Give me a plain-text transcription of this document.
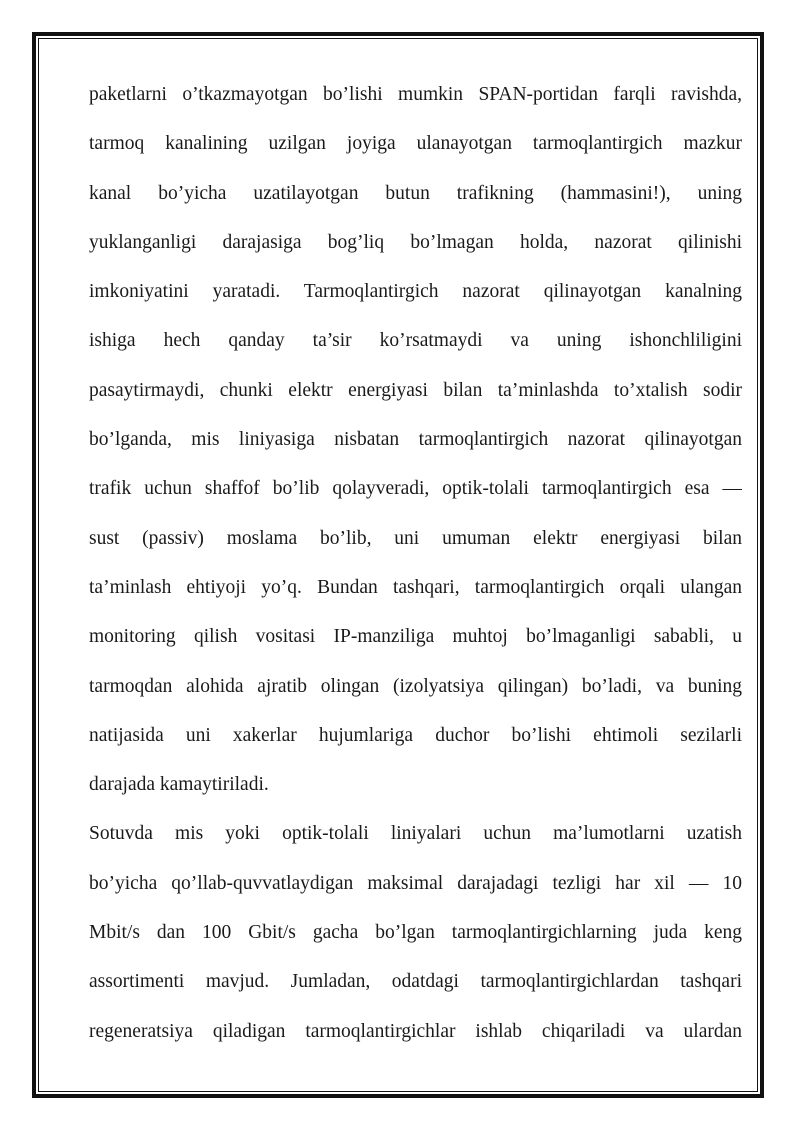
paketlarni o’tkazmayotgan bo’lishi mumkin SPAN-portidan farqli ravishda,
tarmoq kanalining uzilgan joyiga ulanayotgan tarmoqlantirgich mazkur
kanal bo’yicha uzatilayotgan butun trafikning (hammasini!), uning
yuklanganligi darajasiga bog’liq bo’lmagan holda, nazorat qilinishi
imkoniyatini yaratadi. Tarmoqlantirgich nazorat qilinayotgan kanalning
ishiga hech qanday ta’sir ko’rsatmaydi va uning ishonchliligini
pasaytirmaydi, chunki elektr energiyasi bilan ta’minlashda to’xtalish sodir
bo’lganda, mis liniyasiga nisbatan tarmoqlantirgich nazorat qilinayotgan
trafik uchun shaffof bo’lib qolayveradi, optik-tolali tarmoqlantirgich esa —
sust (passiv) moslama bo’lib, uni umuman elektr energiyasi bilan
ta’minlash ehtiyoji yo’q. Bundan tashqari, tarmoqlantirgich orqali ulangan
monitoring qilish vositasi IP-manziliga muhtoj bo’lmaganligi sababli, u
tarmoqdan alohida ajratib olingan (izolyatsiya qilingan) bo’ladi, va buning
natijasida uni xakerlar hujumlariga duchor bo’lishi ehtimoli sezilarli
darajada kamaytiriladi.
Sotuvda mis yoki optik-tolali liniyalari uchun ma’lumotlarni uzatish
bo’yicha qo’llab-quvvatlaydigan maksimal darajadagi tezligi har xil — 10
Mbit/s dan 100 Gbit/s gacha bo’lgan tarmoqlantirgichlarning juda keng
assortimenti mavjud. Jumladan, odatdagi tarmoqlantirgichlardan tashqari
regeneratsiya qiladigan tarmoqlantirgichlar ishlab chiqariladi va ulardan
